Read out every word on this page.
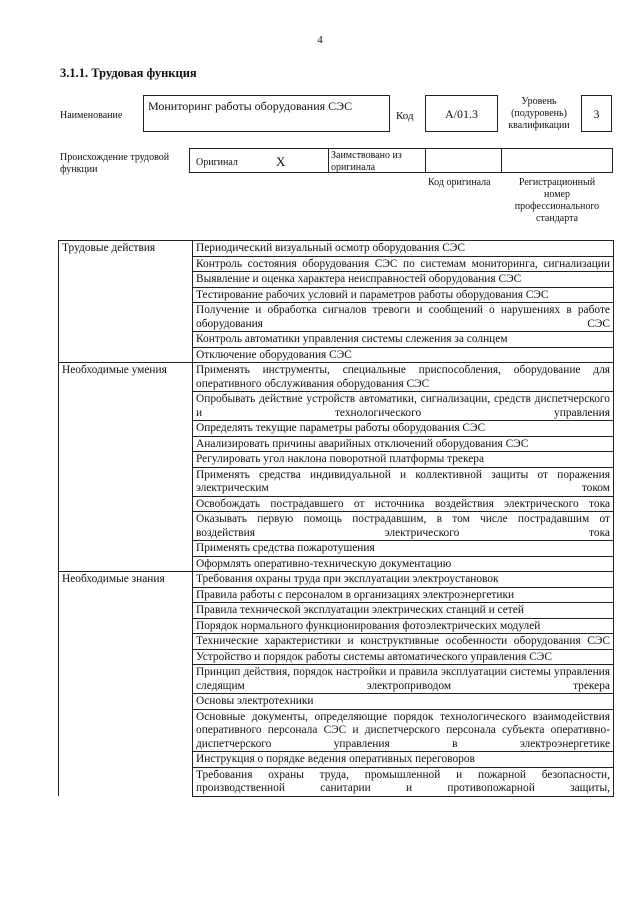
4
3.1.1. Трудовая функция
Наименование
Мониторинг работы оборудования СЭС
Код	A/01.3
Уровень (подуровень) квалификации
3
Происхождение трудовой функции
Оригинал	X	Заимствовано из оригинала
Код оригинала	Регистрационный номер профессионального стандарта
Трудовые действия	Периодический визуальный осмотр оборудования СЭС
	Контроль состояния оборудования СЭС по системам мониторинга, сигнализации
	Выявление и оценка характера неисправностей оборудования СЭС
	Тестирование рабочих условий и параметров работы оборудования СЭС
	Получение и обработка сигналов тревоги и сообщений о нарушениях в работе оборудования СЭС
	Контроль автоматики управления системы слежения за солнцем
	Отключение оборудования СЭС
Необходимые умения	Применять инструменты, специальные приспособления, оборудование для оперативного обслуживания оборудования СЭС
	Опробывать действие устройств автоматики, сигнализации, средств диспетчерского и технологического управления
	Определять текущие параметры работы оборудования СЭС
	Анализировать причины аварийных отключений оборудования СЭС
	Регулировать угол наклона поворотной платформы трекера
	Применять средства индивидуальной и коллективной защиты от поражения электрическим током
	Освобождать пострадавшего от источника воздействия электрического тока
	Оказывать первую помощь пострадавшим, в том числе пострадавшим от воздействия электрического тока
	Применять средства пожаротушения
	Оформлять оперативно-техническую документацию
Необходимые знания	Требования охраны труда при эксплуатации электроустановок
	Правила работы с персоналом в организациях электроэнергетики
	Правила технической эксплуатации электрических станций и сетей
	Порядок нормального функционирования фотоэлектрических модулей
	Технические характеристики и конструктивные особенности оборудования СЭС
	Устройство и порядок работы системы автоматического управления СЭС
	Принцип действия, порядок настройки и правила эксплуатации системы управления следящим электроприводом трекера
	Основы электротехники
	Основные документы, определяющие порядок технологического взаимодействия оперативного персонала СЭС и диспетчерского персонала субъекта оперативно-диспетчерского управления в электроэнергетике
	Инструкция о порядке ведения оперативных переговоров
	Требования охраны труда, промышленной и пожарной безопасности, производственной санитарии и противопожарной защиты,
